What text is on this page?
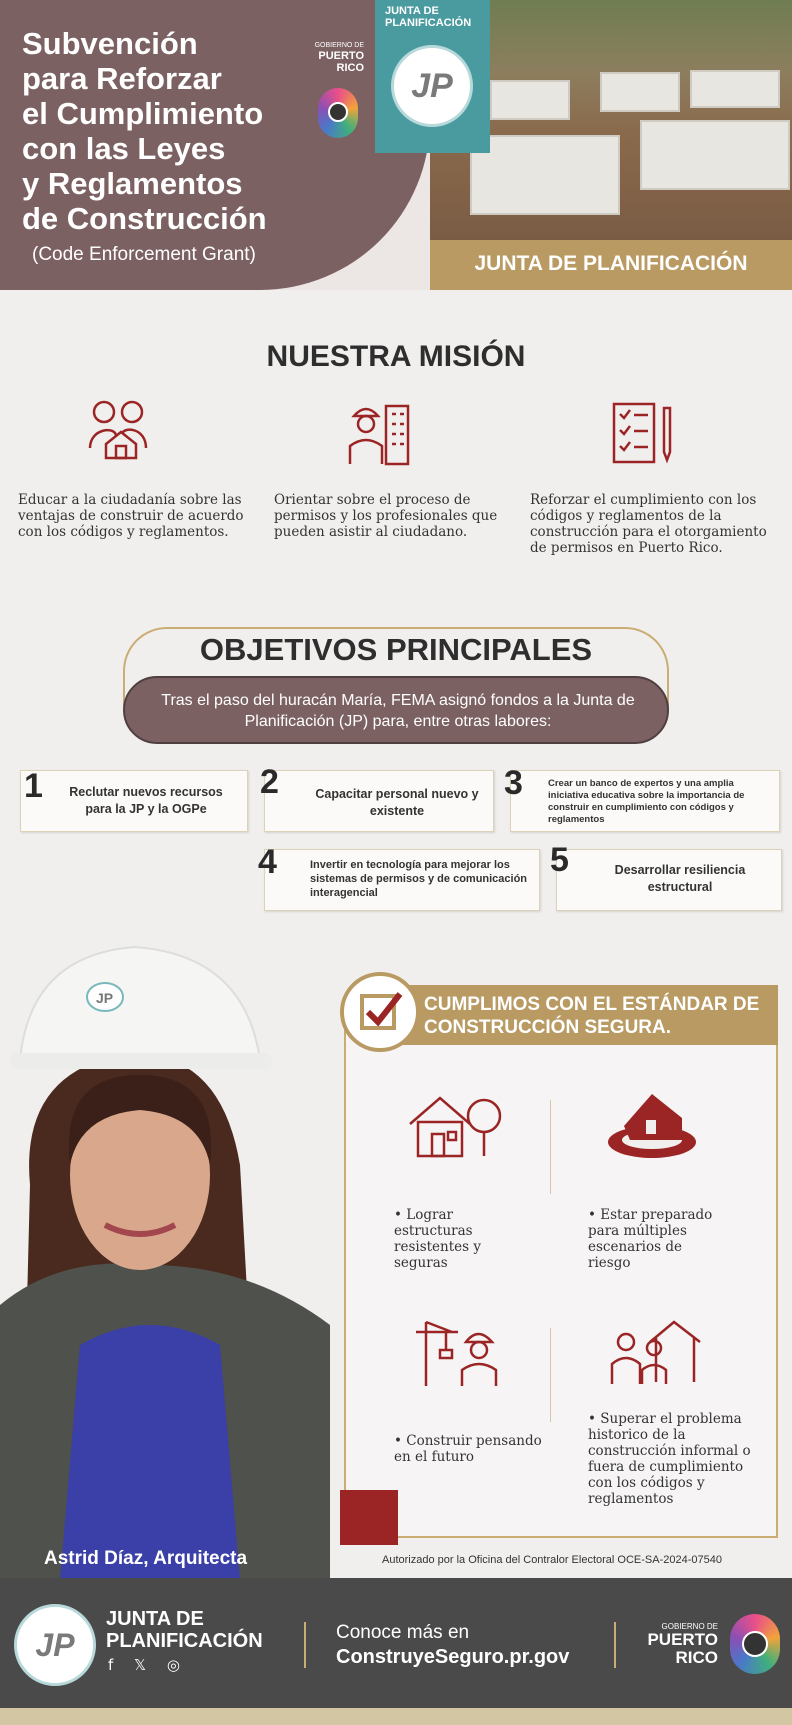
Subvención
para Reforzar
el Cumplimiento
con las Leyes
y Reglamentos
de Construcción
(Code Enforcement Grant)
GOBIERNO DE
PUERTO
RICO
JUNTA DE PLANIFICACIÓN
JP
JUNTA DE PLANIFICACIÓN
NUESTRA MISIÓN
Educar a la ciudadanía sobre las ventajas de construir de acuerdo con los códigos y reglamentos.
Orientar sobre el proceso de permisos y los profesionales que pueden asistir al ciudadano.
Reforzar el cumplimiento con los códigos y reglamentos de la construcción para el otorgamiento de permisos en Puerto Rico.
OBJETIVOS PRINCIPALES
Tras el paso del huracán María, FEMA asignó fondos a la Junta de Planificación (JP) para, entre otras labores:
1	Reclutar nuevos recursos para la JP y la OGPe
2	Capacitar personal nuevo y existente
3	Crear un banco de expertos y una amplia iniciativa educativa sobre la importancia de construir en cumplimiento con códigos y reglamentos
4	Invertir en tecnología para mejorar los sistemas de permisos y de comunicación interagencial
5	Desarrollar resiliencia estructural
JP	CUMPLIMOS CON EL ESTÁNDAR DE CONSTRUCCIÓN SEGURA.
• Lograr estructuras resistentes y seguras
• Estar preparado para múltiples escenarios de riesgo
• Construir pensando en el futuro
• Superar el problema historico de la construcción informal o fuera de cumplimiento con los códigos y reglamentos
Astrid Díaz, Arquitecta	Autorizado por la Oficina del Contralor Electoral OCE-SA-2024-07540
JP
JUNTA DE
PLANIFICACIÓN
f 𝕏 ◎
Conoce más en
ConstruyeSeguro.pr.gov
GOBIERNO DE
PUERTO
RICO
